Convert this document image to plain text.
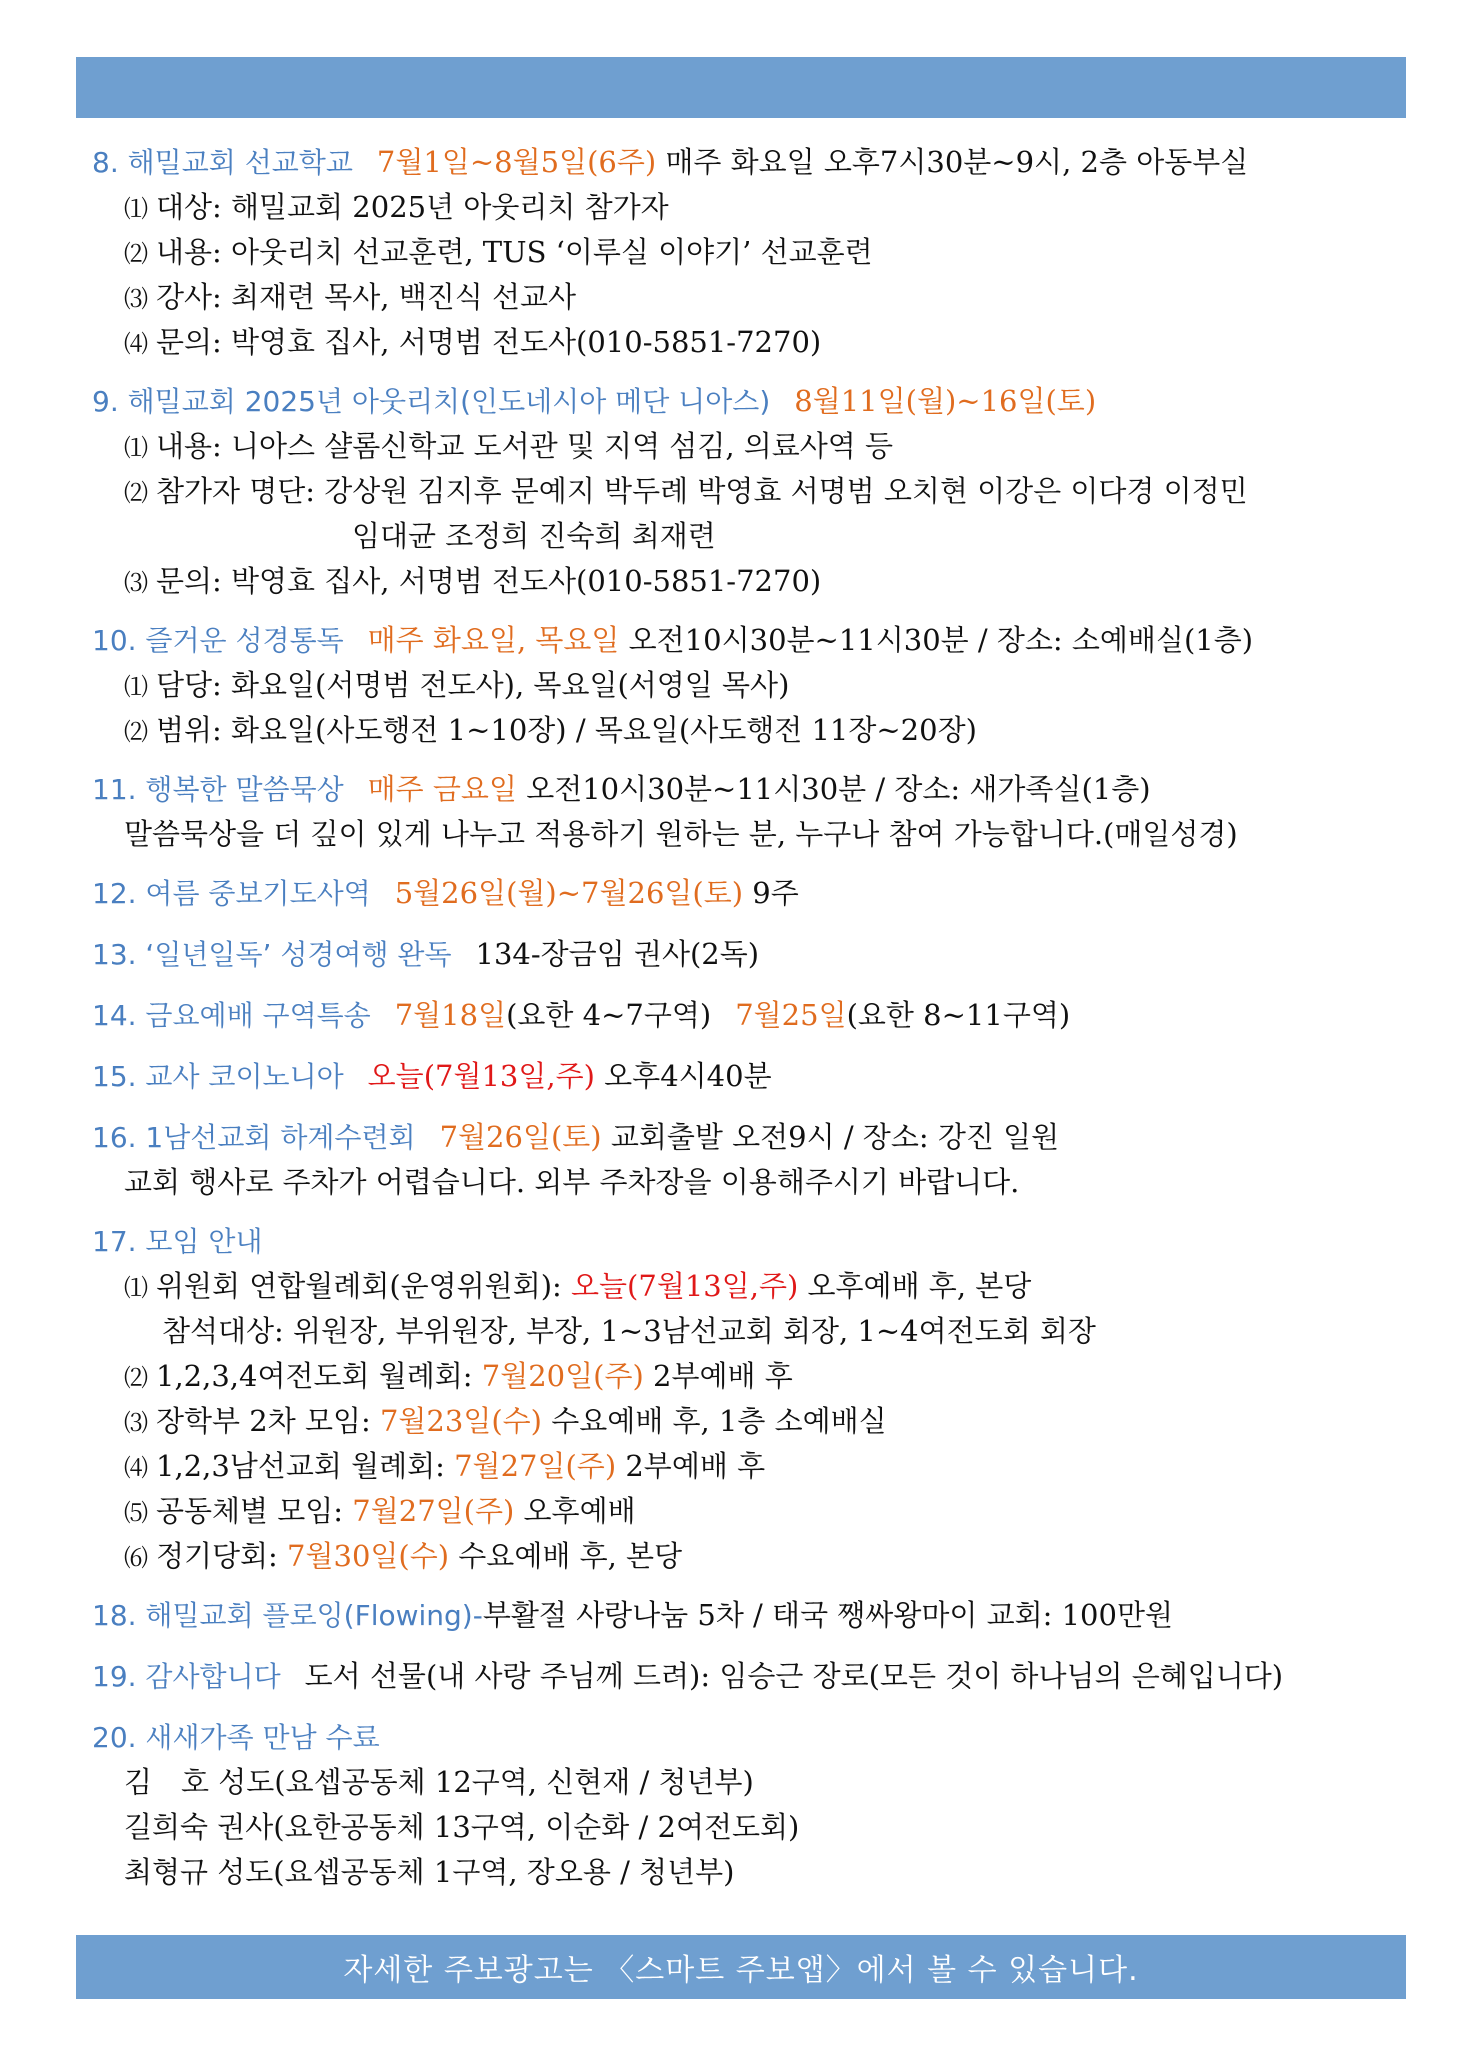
8. 해밀교회 선교학교 7월1일~8월5일(6주) 매주 화요일 오후7시30분~9시, 2층 아동부실
⑴ 대상: 해밀교회 2025년 아웃리치 참가자
⑵ 내용: 아웃리치 선교훈련, TUS ‘이루실 이야기’ 선교훈련
⑶ 강사: 최재련 목사, 백진식 선교사
⑷ 문의: 박영효 집사, 서명범 전도사(010-5851-7270)
9. 해밀교회 2025년 아웃리치(인도네시아 메단 니아스) 8월11일(월)~16일(토)
⑴ 내용: 니아스 샬롬신학교 도서관 및 지역 섬김, 의료사역 등
⑵ 참가자 명단: 강상원 김지후 문예지 박두례 박영효 서명범 오치현 이강은 이다경 이정민
임대균 조정희 진숙희 최재련
⑶ 문의: 박영효 집사, 서명범 전도사(010-5851-7270)
10. 즐거운 성경통독 매주 화요일, 목요일 오전10시30분~11시30분 / 장소: 소예배실(1층)
⑴ 담당: 화요일(서명범 전도사), 목요일(서영일 목사)
⑵ 범위: 화요일(사도행전 1~10장) / 목요일(사도행전 11장~20장)
11. 행복한 말씀묵상 매주 금요일 오전10시30분~11시30분 / 장소: 새가족실(1층)
말씀묵상을 더 깊이 있게 나누고 적용하기 원하는 분, 누구나 참여 가능합니다.(매일성경)
12. 여름 중보기도사역 5월26일(월)~7월26일(토) 9주
13. ‘일년일독’ 성경여행 완독 134-장금임 권사(2독)
14. 금요예배 구역특송 7월18일(요한 4~7구역) 7월25일(요한 8~11구역)
15. 교사 코이노니아 오늘(7월13일,주) 오후4시40분
16. 1남선교회 하계수련회 7월26일(토) 교회출발 오전9시 / 장소: 강진 일원
교회 행사로 주차가 어렵습니다. 외부 주차장을 이용해주시기 바랍니다.
17. 모임 안내
⑴ 위원회 연합월례회(운영위원회): 오늘(7월13일,주) 오후예배 후, 본당
참석대상: 위원장, 부위원장, 부장, 1~3남선교회 회장, 1~4여전도회 회장
⑵ 1,2,3,4여전도회 월례회: 7월20일(주) 2부예배 후
⑶ 장학부 2차 모임: 7월23일(수) 수요예배 후, 1층 소예배실
⑷ 1,2,3남선교회 월례회: 7월27일(주) 2부예배 후
⑸ 공동체별 모임: 7월27일(주) 오후예배
⑹ 정기당회: 7월30일(수) 수요예배 후, 본당
18. 해밀교회 플로잉(Flowing)-부활절 사랑나눔 5차 / 태국 쨍싸왕마이 교회: 100만원
19. 감사합니다 도서 선물(내 사랑 주님께 드려): 임승근 장로(모든 것이 하나님의 은혜입니다)
20. 새새가족 만남 수료
김　호 성도(요셉공동체 12구역, 신현재 / 청년부)
길희숙 권사(요한공동체 13구역, 이순화 / 2여전도회)
최형규 성도(요셉공동체 1구역, 장오용 / 청년부)
자세한 주보광고는 〈스마트 주보앱〉에서 볼 수 있습니다.
